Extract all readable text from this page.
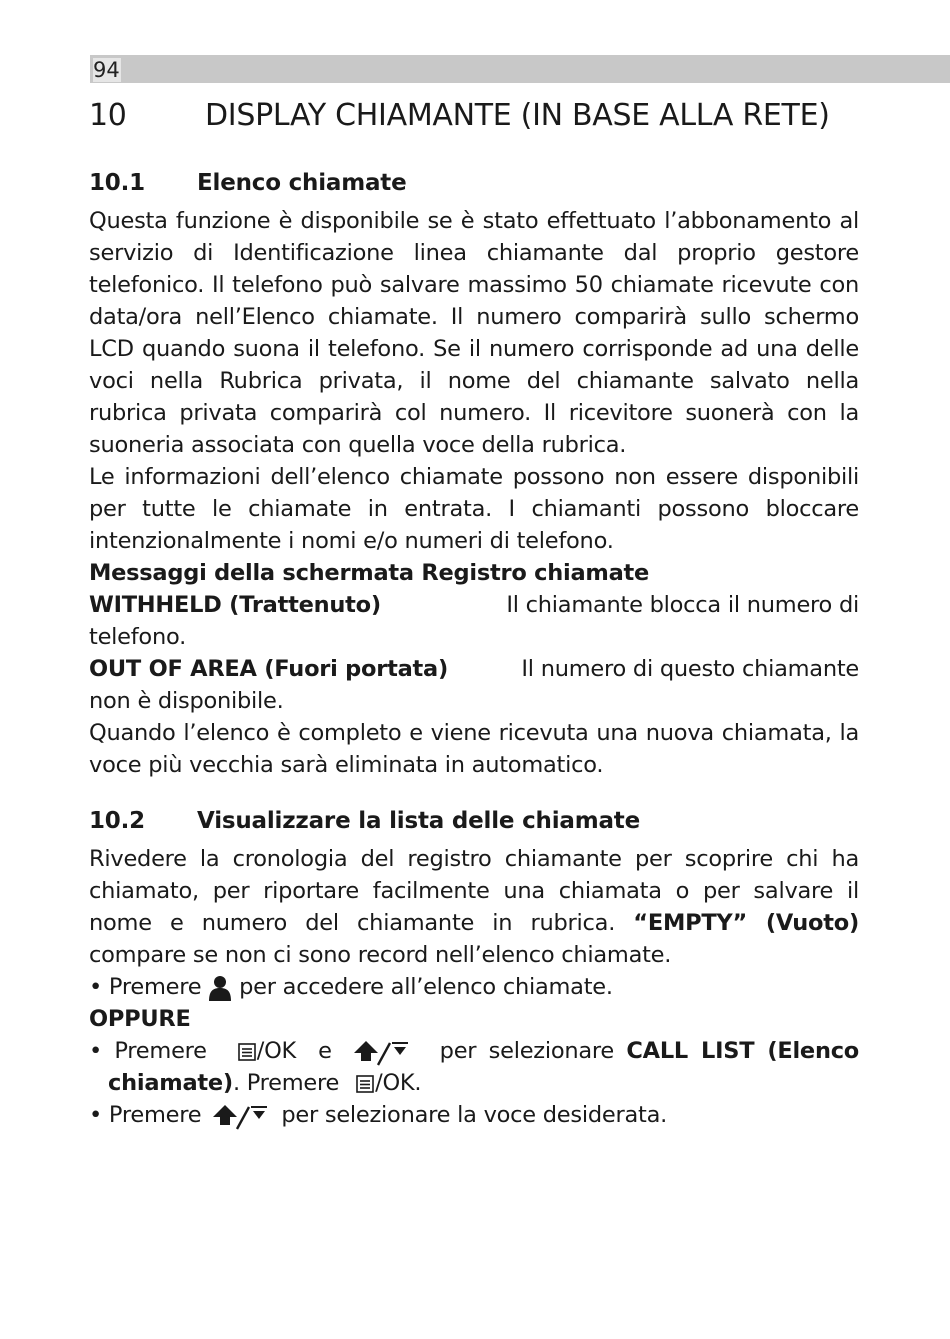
94
10	DISPLAY CHIAMANTE (IN BASE ALLA RETE)
10.1 Elenco chiamate

Questa funzione è disponibile se è stato effettuato l’abbonamento al servizio di Identificazione linea chiamante dal proprio gestore telefonico. Il telefono può salvare massimo 50 chiamate ricevute con data/ora nell’Elenco chiamate. Il numero comparirà sullo schermo LCD quando suona il telefono. Se il numero corrisponde ad una delle voci nella Rubrica privata, il nome del chiamante salvato nella rubrica privata comparirà col numero. Il ricevitore suonerà con la suoneria associata con quella voce della rubrica.

Le informazioni dell’elenco chiamate possono non essere disponibili per tutte le chiamate in entrata. I chiamanti possono bloccare intenzionalmente i nomi e/o numeri di telefono.

Messaggi della schermata Registro chiamate

WITHHELD (Trattenuto)	Il chiamante blocca il numero di

telefono.

OUT OF AREA (Fuori portata)	Il numero di questo chiamante

non è disponibile.

Quando l’elenco è completo e viene ricevuta una nuova chiamata, la voce più vecchia sarà eliminata in automatico.

10.2 Visualizzare la lista delle chiamate

Rivedere la cronologia del registro chiamante per scoprire chi ha chiamato, per riportare facilmente una chiamata o per salvare il nome e numero del chiamante in rubrica. “EMPTY” (Vuoto) compare se non ci sono record nell’elenco chiamate.

• Premere per accedere all’elenco chiamate.

OPPURE

• Premere /OK e	per selezionare CALL LIST (Elenco chiamate). Premere /OK.

• Premere	per selezionare la voce desiderata.
